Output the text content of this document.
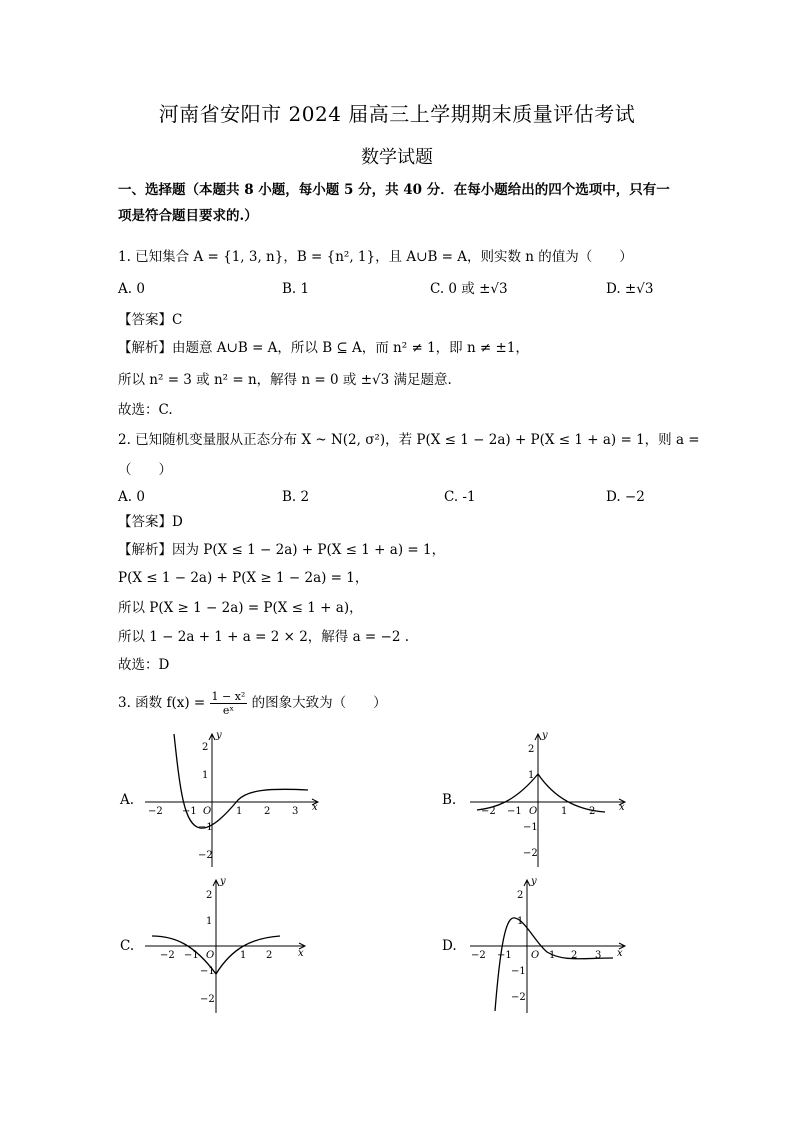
河南省安阳市 2024 届高三上学期期末质量评估考试
数学试题
一、选择题（本题共 8 小题，每小题 5 分，共 40 分．在每小题给出的四个选项中，只有一
项是符合题目要求的.）
1. 已知集合 A = {1, 3, n}，B = {n², 1}，且 A∪B = A，则实数 n 的值为（　　）
A. 0	B. 1	C. 0 或 ±√3	D. ±√3
【答案】C
【解析】由题意 A∪B = A，所以 B ⊆ A，而 n² ≠ 1，即 n ≠ ±1，
所以 n² = 3 或 n² = n，解得 n = 0 或 ±√3 满足题意.
故选：C.
2. 已知随机变量服从正态分布 X ~ N(2, σ²)，若 P(X ≤ 1 − 2a) + P(X ≤ 1 + a) = 1，则 a =
（　　）
A. 0	B. 2	C. -1	D. −2
【答案】D
【解析】因为 P(X ≤ 1 − 2a) + P(X ≤ 1 + a) = 1，
P(X ≤ 1 − 2a) + P(X ≥ 1 − 2a) = 1，
所以 P(X ≥ 1 − 2a) = P(X ≤ 1 + a)，
所以 1 − 2a + 1 + a = 2 × 2，解得 a = −2 .
故选：D
3. 函数 $f(x) = \frac{\text{1 − x²}}{\text{eˣ}}$ 的图象大致为（　　）
A.	B.
C.	D.
−2 −1	1 2 3 x
2
1
−1
−2
y
O	−2 −1	1 2 x
2
1
−1
−2
y
O
−2 −1	1 2	x
2
1
−1
−2
y
O	−2 −1	1 2 3 x
2
1
−1
−2
y
O
